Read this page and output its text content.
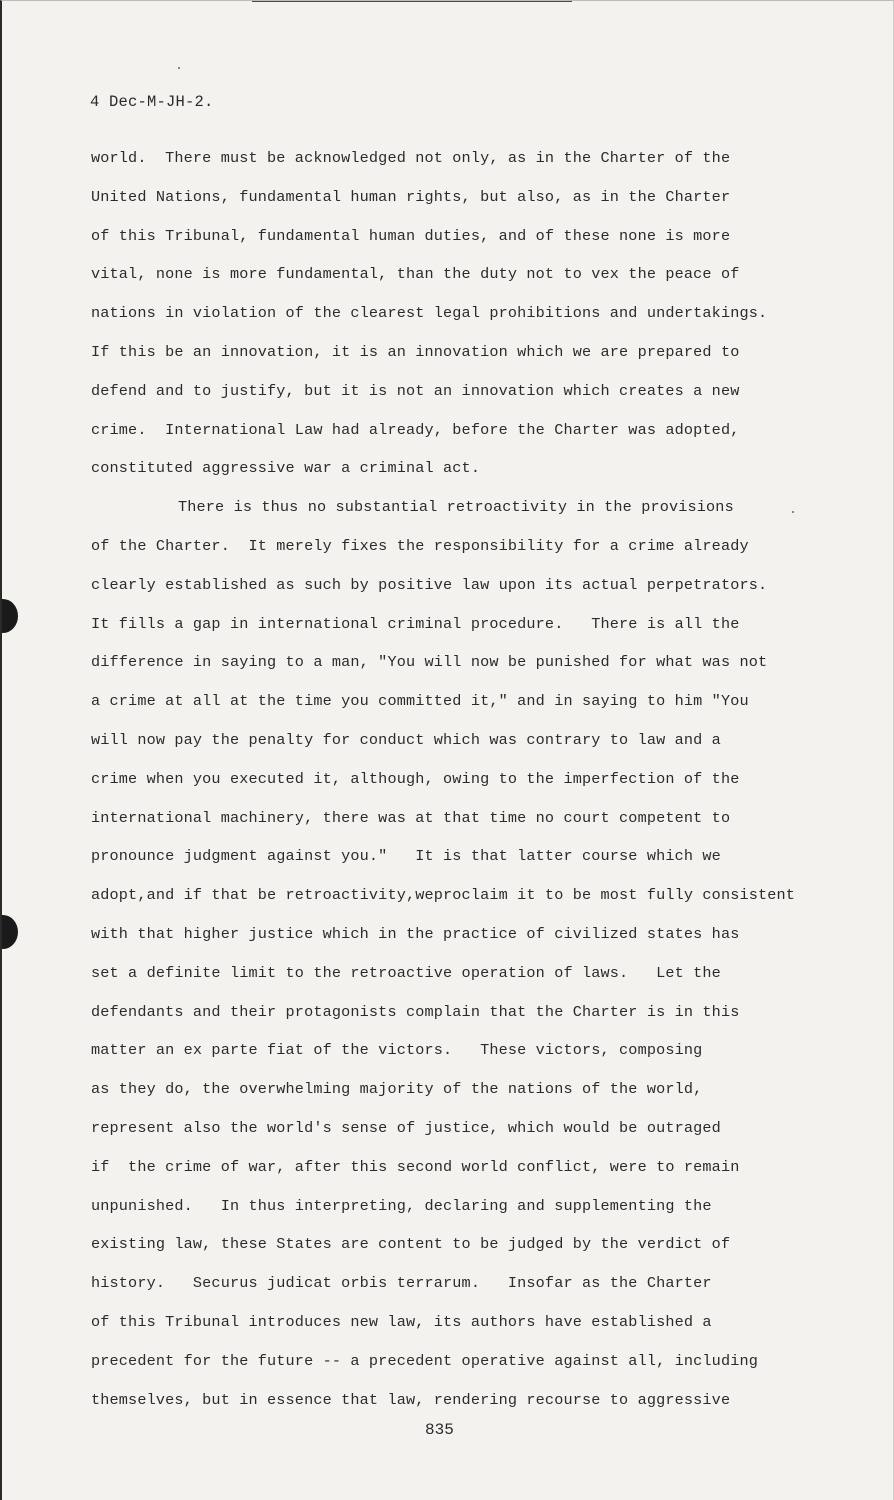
4 Dec-M-JH-2.
world.  There must be acknowledged not only, as in the Charter of the
United Nations, fundamental human rights, but also, as in the Charter
of this Tribunal, fundamental human duties, and of these none is more
vital, none is more fundamental, than the duty not to vex the peace of
nations in violation of the clearest legal prohibitions and undertakings.
If this be an innovation, it is an innovation which we are prepared to
defend and to justify, but it is not an innovation which creates a new
crime.  International Law had already, before the Charter was adopted,
constituted aggressive war a criminal act.
There is thus no substantial retroactivity in the provisions
of the Charter.  It merely fixes the responsibility for a crime already
clearly established as such by positive law upon its actual perpetrators.
It fills a gap in international criminal procedure.   There is all the
difference in saying to a man, "You will now be punished for what was not
a crime at all at the time you committed it," and in saying to him "You
will now pay the penalty for conduct which was contrary to law and a
crime when you executed it, although, owing to the imperfection of the
international machinery, there was at that time no court competent to
pronounce judgment against you."   It is that latter course which we
adopt,and if that be retroactivity,weproclaim it to be most fully consistent
with that higher justice which in the practice of civilized states has
set a definite limit to the retroactive operation of laws.   Let the
defendants and their protagonists complain that the Charter is in this
matter an ex parte fiat of the victors.   These victors, composing
as they do, the overwhelming majority of the nations of the world,
represent also the world's sense of justice, which would be outraged
if  the crime of war, after this second world conflict, were to remain
unpunished.   In thus interpreting, declaring and supplementing the
existing law, these States are content to be judged by the verdict of
history.   Securus judicat orbis terrarum.   Insofar as the Charter
of this Tribunal introduces new law, its authors have established a
precedent for the future -- a precedent operative against all, including
themselves, but in essence that law, rendering recourse to aggressive
835
